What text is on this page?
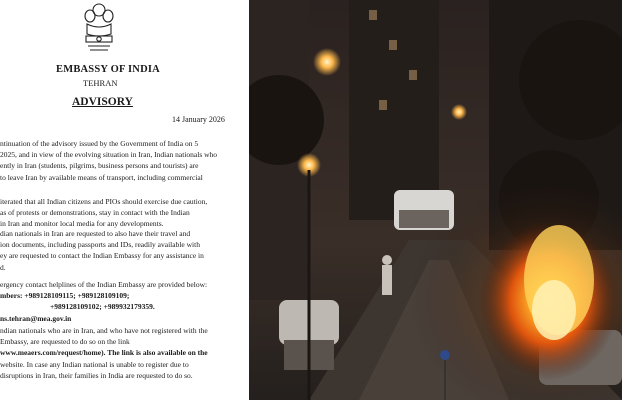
EMBASSY OF INDIA
TEHRAN
ADVISORY
14 January 2026

ntinuation of the advisory issued by the Government of India on 5
2025, and in view of the evolving situation in Iran, Indian nationals who
ently in Iran (students, pilgrims, business persons and tourists) are
to leave Iran by available means of transport, including commercial

iterated that all Indian citizens and PIOs should exercise due caution,
as of protests or demonstrations, stay in contact with the Indian
in Iran and monitor local media for any developments.

dian nationals in Iran are requested to also have their travel and
ion documents, including passports and IDs, readily available with
ey are requested to contact the Indian Embassy for any assistance in
d.

ergency contact helplines of the Indian Embassy are provided below:
mbers: +989128109115; +989128109109;
+989128109102; +989932179359.
ns.tehran@mea.gov.in

ndian nationals who are in Iran, and who have not registered with the
Embassy, are requested to do so on the link
www.meaers.com/request/home). The link is also available on the
website. In case any Indian national is unable to register due to
disruptions in Iran, their families in India are requested to do so.
